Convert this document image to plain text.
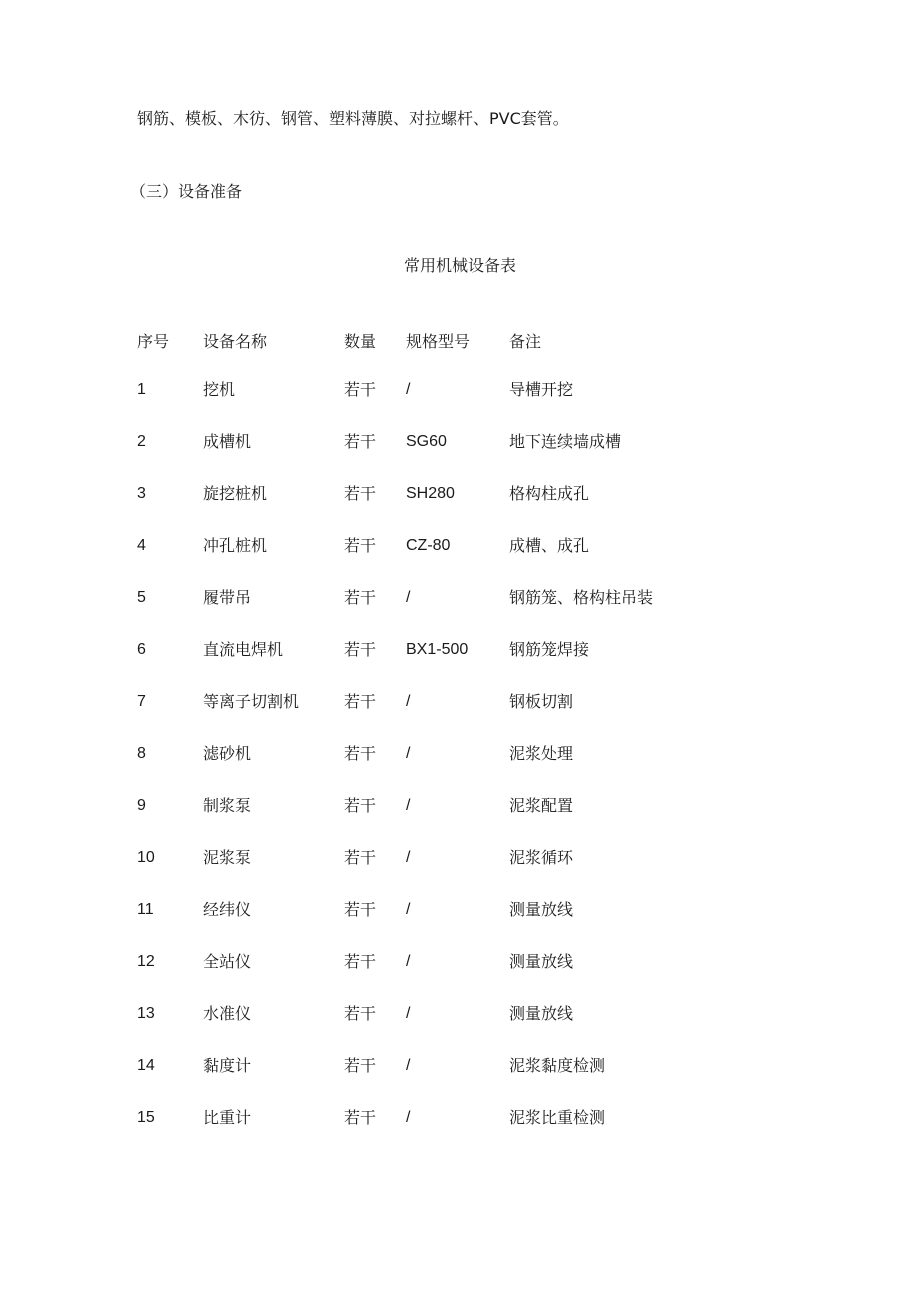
钢筋、模板、木彷、钢管、塑料薄膜、对拉螺杆、PVC套管。
（三）设备准备
常用机械设备表
序号 设备名称	数量 规格型号 备注
1	挖机	若干 /	导槽开挖
2	成槽机	若干 SG60	地下连续墙成槽
3	旋挖桩机	若干 SH280	格构柱成孔
4	冲孔桩机	若干 CZ-80	成槽、成孔
5	履带吊	若干 /	钢筋笼、格构柱吊装
6	直流电焊机	若干 BX1-500	钢筋笼焊接
7	等离子切割机	若干 /	钢板切割
8	滤砂机	若干 /	泥浆处理
9	制浆泵	若干 /	泥浆配置
10	泥浆泵	若干 /	泥浆循环
11	经纬仪	若干 /	测量放线
12	全站仪	若干 /	测量放线
13	水准仪	若干 /	测量放线
14	黏度计	若干 /	泥浆黏度检测
15	比重计	若干 /	泥浆比重检测
